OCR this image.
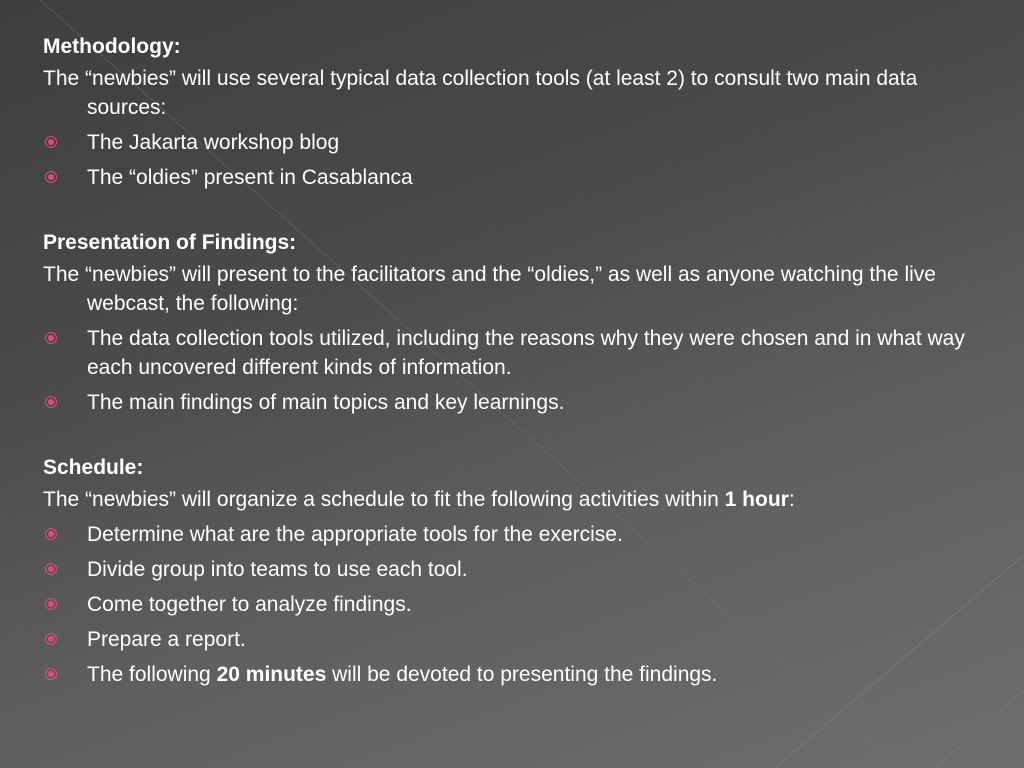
Methodology:

The “newbies” will use several typical data collection tools (at least 2) to consult two main data sources:

The Jakarta workshop blog
The “oldies” present in Casablanca

Presentation of Findings:

The “newbies” will present to the facilitators and the “oldies,” as well as anyone watching the live webcast, the following:

The data collection tools utilized, including the reasons why they were chosen and in what way each uncovered different kinds of information.
The main findings of main topics and key learnings.

Schedule:

The “newbies” will organize a schedule to fit the following activities within 1 hour:

Determine what are the appropriate tools for the exercise.
Divide group into teams to use each tool.
Come together to analyze findings.
Prepare a report.
The following 20 minutes will be devoted to presenting the findings.
